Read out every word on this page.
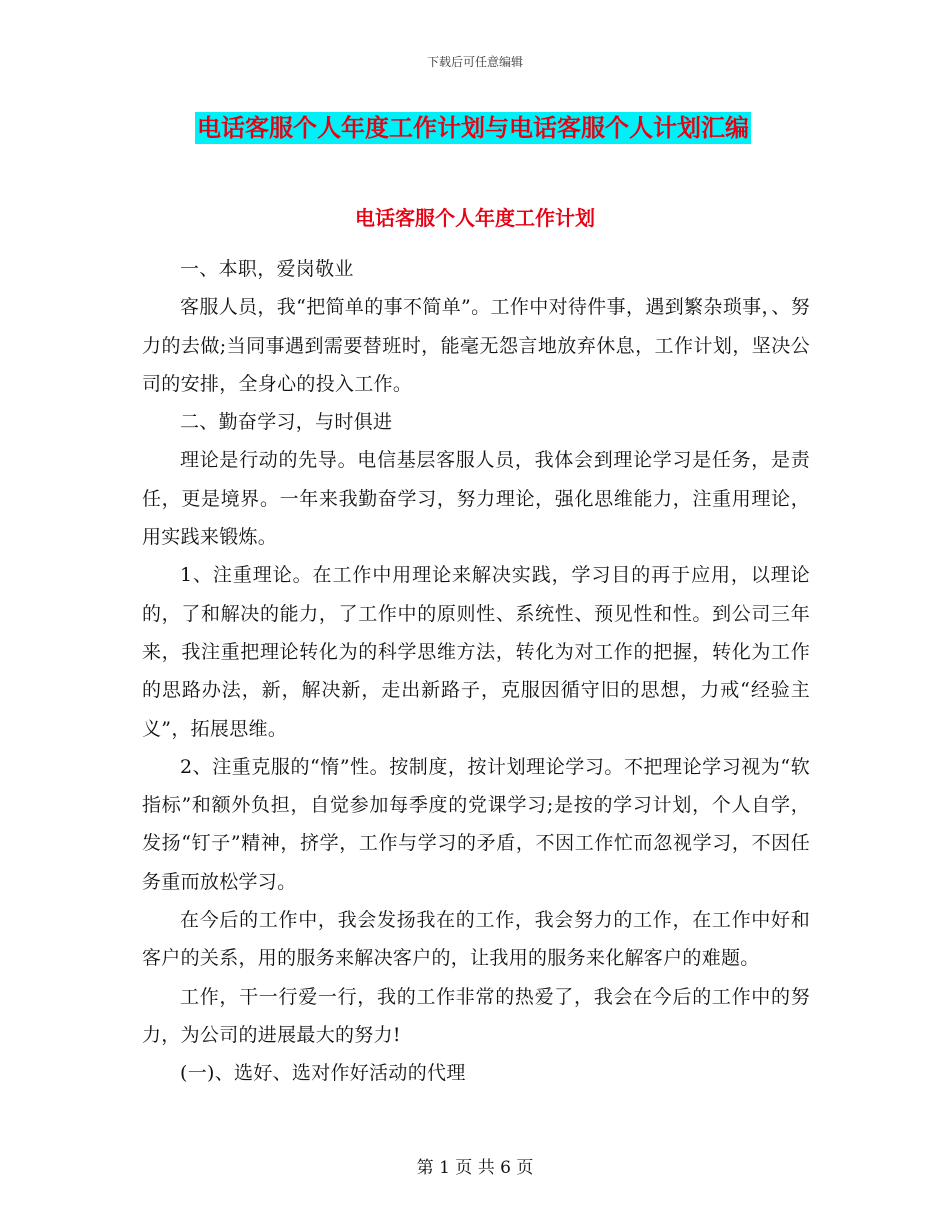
下载后可任意编辑
电话客服个人年度工作计划与电话客服个人计划汇编
电话客服个人年度工作计划

一、本职，爱岗敬业

客服人员，我“把简单的事不简单”。工作中对待件事，遇到繁杂琐事，、努力的去做;当同事遇到需要替班时，能毫无怨言地放弃休息，工作计划，坚决公司的安排，全身心的投入工作。

二、勤奋学习，与时俱进

理论是行动的先导。电信基层客服人员，我体会到理论学习是任务，是责任，更是境界。一年来我勤奋学习，努力理论，强化思维能力，注重用理论，用实践来锻炼。

1、注重理论。在工作中用理论来解决实践，学习目的再于应用，以理论的，了和解决的能力，了工作中的原则性、系统性、预见性和性。到公司三年来，我注重把理论转化为的科学思维方法，转化为对工作的把握，转化为工作的思路办法，新，解决新，走出新路子，克服因循守旧的思想，力戒“经验主义”，拓展思维。

2、注重克服的“惰”性。按制度，按计划理论学习。不把理论学习视为“软指标”和额外负担，自觉参加每季度的党课学习;是按的学习计划，个人自学，发扬“钉子”精神，挤学，工作与学习的矛盾，不因工作忙而忽视学习，不因任务重而放松学习。

在今后的工作中，我会发扬我在的工作，我会努力的工作，在工作中好和客户的关系，用的服务来解决客户的，让我用的服务来化解客户的难题。

工作，干一行爱一行，我的工作非常的热爱了，我会在今后的工作中的努力，为公司的进展最大的努力!

(一)、选好、选对作好活动的代理

第 1 页 共 6 页
